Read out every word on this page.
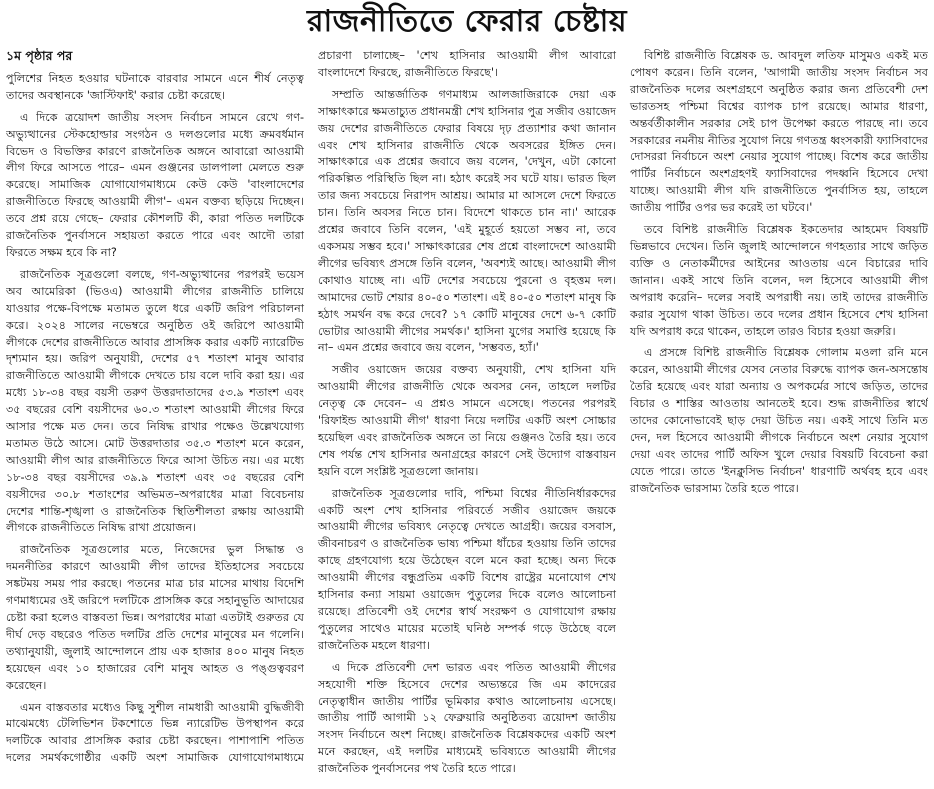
রাজনীতিতে ফেরার চেষ্টায়

১ম পৃষ্ঠার পর

পুলিশের নিহত হওয়ার ঘটনাকে বারবার সামনে এনে শীর্ষ নেতৃত্ব তাদের অবস্থানকে 'জাস্টিফাই' করার চেষ্টা করেছে।

এ দিকে ত্রয়োদশ জাতীয় সংসদ নির্বাচন সামনে রেখে গণ-অভ্যুত্থানের স্টেকহোল্ডার সংগঠন ও দলগুলোর মধ্যে ক্রমবর্ধমান বিভেদ ও বিভক্তির কারণে রাজনৈতিক অঙ্গনে আবারো আওয়ামী লীগ ফিরে আসতে পারে– এমন গুঞ্জনের ডালপালা মেলতে শুরু করেছে। সামাজিক যোগাযোগমাধ্যমে কেউ কেউ 'বাংলাদেশের রাজনীতিতে ফিরছে আওয়ামী লীগ'– এমন বক্তব্য ছড়িয়ে দিচ্ছেন। তবে প্রশ্ন রয়ে গেছে– ফেরার কৌশলটি কী, কারা পতিত দলটিকে রাজনৈতিক পুনর্বাসনে সহায়তা করতে পারে এবং আদৌ তারা ফিরতে সক্ষম হবে কি না?

রাজনৈতিক সূত্রগুলো বলছে, গণ-অভ্যুত্থানের পরপরই ভয়েস অব আমেরিকা (ভিওএ) আওয়ামী লীগের রাজনীতি চালিয়ে যাওয়ার পক্ষে-বিপক্ষে মতামত তুলে ধরে একটি জরিপ পরিচালনা করে। ২০২৪ সালের নভেম্বরে অনুষ্ঠিত ওই জরিপে আওয়ামী লীগকে দেশের রাজনীতিতে আবার প্রাসঙ্গিক করার একটি ন্যারেটিভ দৃশ্যমান হয়। জরিপ অনুযায়ী, দেশের ৫৭ শতাংশ মানুষ আবার রাজনীতিতে আওয়ামী লীগকে দেখতে চায় বলে দাবি করা হয়। এর মধ্যে ১৮-৩৪ বছর বয়সী তরুণ উত্তরদাতাদের ৫৩.৯ শতাংশ এবং ৩৫ বছরের বেশি বয়সীদের ৬০.৩ শতাংশ আওয়ামী লীগের ফিরে আসার পক্ষে মত দেন। তবে নিষিদ্ধ রাখার পক্ষেও উল্লেখযোগ্য মতামত উঠে আসে। মোট উত্তরদাতার ৩৫.৩ শতাংশ মনে করেন, আওয়ামী লীগ আর রাজনীতিতে ফিরে আসা উচিত নয়। এর মধ্যে ১৮-৩৪ বছর বয়সীদের ৩৯.৯ শতাংশ এবং ৩৫ বছরের বেশি বয়সীদের ৩০.৮ শতাংশের অভিমত–অপরাধের মাত্রা বিবেচনায় দেশের শান্তি-শৃঙ্খলা ও রাজনৈতিক স্থিতিশীলতা রক্ষায় আওয়ামী লীগকে রাজনীতিতে নিষিদ্ধ রাখা প্রয়োজন।

রাজনৈতিক সূত্রগুলোর মতে, নিজেদের ভুল সিদ্ধান্ত ও দমননীতির কারণে আওয়ামী লীগ তাদের ইতিহাসের সবচেয়ে সঙ্কটময় সময় পার করছে। পতনের মাত্র চার মাসের মাথায় বিদেশি গণমাধ্যমের ওই জরিপে দলটিকে প্রাসঙ্গিক করে সহানুভূতি আদায়ের চেষ্টা করা হলেও বাস্তবতা ভিন্ন। অপরাধের মাত্রা এতটাই গুরুতর যে দীর্ঘ দেড় বছরেও পতিত দলটির প্রতি দেশের মানুষের মন গলেনি। তথ্যানুযায়ী, জুলাই আন্দোলনে প্রায় এক হাজার ৪০০ মানুষ নিহত হয়েছেন এবং ১০ হাজারের বেশি মানুষ আহত ও পঙ্গুত্ববরণ করেছেন।

এমন বাস্তবতার মধ্যেও কিছু সুশীল নামধারী আওয়ামী বুদ্ধিজীবী মাঝেমধ্যে টেলিভিশন টকশোতে ভিন্ন ন্যারেটিভ উপস্থাপন করে দলটিকে আবার প্রাসঙ্গিক করার চেষ্টা করছেন। পাশাপাশি পতিত দলের সমর্থকগোষ্ঠীর একটি অংশ সামাজিক যোগাযোগমাধ্যমে প্রচারণা চালাচ্ছে– 'শেখ হাসিনার আওয়ামী লীগ আবারো বাংলাদেশে ফিরছে, রাজনীতিতে ফিরছে'।

সম্প্রতি আন্তর্জাতিক গণমাধ্যম আলজাজিরাকে দেয়া এক সাক্ষাৎকারে ক্ষমতাচ্যুত প্রধানমন্ত্রী শেখ হাসিনার পুত্র সজীব ওয়াজেদ জয় দেশের রাজনীতিতে ফেরার বিষয়ে দৃঢ় প্রত্যাশার কথা জানান এবং শেখ হাসিনার রাজনীতি থেকে অবসরের ইঙ্গিত দেন। সাক্ষাৎকারে এক প্রশ্নের জবাবে জয় বলেন, 'দেখুন, এটা কোনো পরিকল্পিত পরিস্থিতি ছিল না। হঠাৎ করেই সব ঘটে যায়। ভারত ছিল তার জন্য সবচেয়ে নিরাপদ আশ্রয়। আমার মা আসলে দেশে ফিরতে চান। তিনি অবসর নিতে চান। বিদেশে থাকতে চান না।' আরেক প্রশ্নের জবাবে তিনি বলেন, 'এই মুহূর্তে হয়তো সম্ভব না, তবে একসময় সম্ভব হবে।' সাক্ষাৎকারের শেষ প্রশ্নে বাংলাদেশে আওয়ামী লীগের ভবিষ্যৎ প্রসঙ্গে তিনি বলেন, 'অবশ্যই আছে। আওয়ামী লীগ কোথাও যাচ্ছে না। এটি দেশের সবচেয়ে পুরনো ও বৃহত্তম দল। আমাদের ভোট শেয়ার ৪০-৫০ শতাংশ। এই ৪০-৫০ শতাংশ মানুষ কি হঠাৎ সমর্থন বদ্ধ করে দেবে? ১৭ কোটি মানুষের দেশে ৬-৭ কোটি ভোটার আওয়ামী লীগের সমর্থক।' হাসিনা যুগের সমাপ্তি হয়েছে কি না– এমন প্রশ্নের জবাবে জয় বলেন, 'সম্ভবত, হ্যাঁ।'

সজীব ওয়াজেদ জয়ের বক্তব্য অনুযায়ী, শেখ হাসিনা যদি আওয়ামী লীগের রাজনীতি থেকে অবসর নেন, তাহলে দলটির নেতৃত্ব কে দেবেন– এ প্রশ্নও সামনে এসেছে। পতনের পরপরই 'রিফাইন্ড আওয়ামী লীগ' ধারণা নিয়ে দলটির একটি অংশ সোচ্চার হয়েছিল এবং রাজনৈতিক অঙ্গনে তা নিয়ে গুঞ্জনও তৈরি হয়। তবে শেষ পর্যন্ত শেখ হাসিনার অনাগ্রহের কারণে সেই উদ্যোগ বাস্তবায়ন হয়নি বলে সংশ্লিষ্ট সূত্রগুলো জানায়।

রাজনৈতিক সূত্রগুলোর দাবি, পশ্চিমা বিশ্বের নীতিনির্ধারকদের একটি অংশ শেখ হাসিনার পরিবর্তে সজীব ওয়াজেদ জয়কে আওয়ামী লীগের ভবিষ্যৎ নেতৃত্বে দেখতে আগ্রহী। জয়ের বসবাস, জীবনাচরণ ও রাজনৈতিক ভাষ্য পশ্চিমা ধাঁচের হওয়ায় তিনি তাদের কাছে গ্রহণযোগ্য হয়ে উঠেছেন বলে মনে করা হচ্ছে। অন্য দিকে আওয়ামী লীগের বন্ধুপ্রতিম একটি বিশেষ রাষ্ট্রের মনোযোগ শেখ হাসিনার কন্যা সায়মা ওয়াজেদ পুতুলের দিকে বলেও আলোচনা রয়েছে। প্রতিবেশী ওই দেশের স্বার্থ সংরক্ষণ ও যোগাযোগ রক্ষায় পুতুলের সাথেও মায়ের মতোই ঘনিষ্ঠ সম্পর্ক গড়ে উঠেছে বলে রাজনৈতিক মহলে ধারণা।

এ দিকে প্রতিবেশী দেশ ভারত এবং পতিত আওয়ামী লীগের সহযোগী শক্তি হিসেবে দেশের অভ্যন্তরে জি এম কাদেরের নেতৃত্বাধীন জাতীয় পার্টির ভূমিকার কথাও আলোচনায় এসেছে। জাতীয় পার্টি আগামী ১২ ফেব্রুয়ারি অনুষ্ঠিতব্য ত্রয়োদশ জাতীয় সংসদ নির্বাচনে অংশ নিচ্ছে। রাজনৈতিক বিশ্লেষকদের একটি অংশ মনে করছেন, এই দলটির মাধ্যমেই ভবিষ্যতে আওয়ামী লীগের রাজনৈতিক পুনর্বাসনের পথ তৈরি হতে পারে।

বিশিষ্ট রাজনীতি বিশ্লেষক ড. আবদুল লতিফ মাসুমও একই মত পোষণ করেন। তিনি বলেন, 'আগামী জাতীয় সংসদ নির্বাচন সব রাজনৈতিক দলের অংশগ্রহণে অনুষ্ঠিত করার জন্য প্রতিবেশী দেশ ভারতসহ পশ্চিমা বিশ্বের ব্যাপক চাপ রয়েছে। আমার ধারণা, অন্তর্বর্তীকালীন সরকার সেই চাপ উপেক্ষা করতে পারছে না। তবে সরকারের নমনীয় নীতির সুযোগ নিয়ে গণতন্ত্র ধ্বংসকারী ফ্যাসিবাদের দোসররা নির্বাচনে অংশ নেয়ার সুযোগ পাচ্ছে। বিশেষ করে জাতীয় পার্টির নির্বাচনে অংশগ্রহণই ফ্যাসিবাদের পদধ্বনি হিসেবে দেখা যাচ্ছে। আওয়ামী লীগ যদি রাজনীতিতে পুনর্বাসিত হয়, তাহলে জাতীয় পার্টির ওপর ভর করেই তা ঘটবে।'

তবে বিশিষ্ট রাজনীতি বিশ্লেষক ইকতেদার আহমেদ বিষয়টি ভিন্নভাবে দেখেন। তিনি জুলাই আন্দোলনে গণহত্যার সাথে জড়িত ব্যক্তি ও নেতাকর্মীদের আইনের আওতায় এনে বিচারের দাবি জানান। একই সাথে তিনি বলেন, দল হিসেবে আওয়ামী লীগ অপরাধ করেনি– দলের সবাই অপরাধী নয়। তাই তাদের রাজনীতি করার সুযোগ থাকা উচিত। তবে দলের প্রধান হিসেবে শেখ হাসিনা যদি অপরাধ করে থাকেন, তাহলে তারও বিচার হওয়া জরুরি।

এ প্রসঙ্গে বিশিষ্ট রাজনীতি বিশ্লেষক গোলাম মওলা রনি মনে করেন, আওয়ামী লীগের যেসব নেতার বিরুদ্ধে ব্যাপক জন-অসন্তোষ তৈরি হয়েছে এবং যারা অন্যায় ও অপকর্মের সাথে জড়িত, তাদের বিচার ও শাস্তির আওতায় আনতেই হবে। শুদ্ধ রাজনীতির স্বার্থে তাদের কোনোভাবেই ছাড় দেয়া উচিত নয়। একই সাথে তিনি মত দেন, দল হিসেবে আওয়ামী লীগকে নির্বাচনে অংশ নেয়ার সুযোগ দেয়া এবং তাদের পার্টি অফিস খুলে দেয়ার বিষয়টি বিবেচনা করা যেতে পারে। তাতে 'ইনক্লুসিভ নির্বাচন' ধারণাটি অর্থবহ হবে এবং রাজনৈতিক ভারসাম্য তৈরি হতে পারে।
